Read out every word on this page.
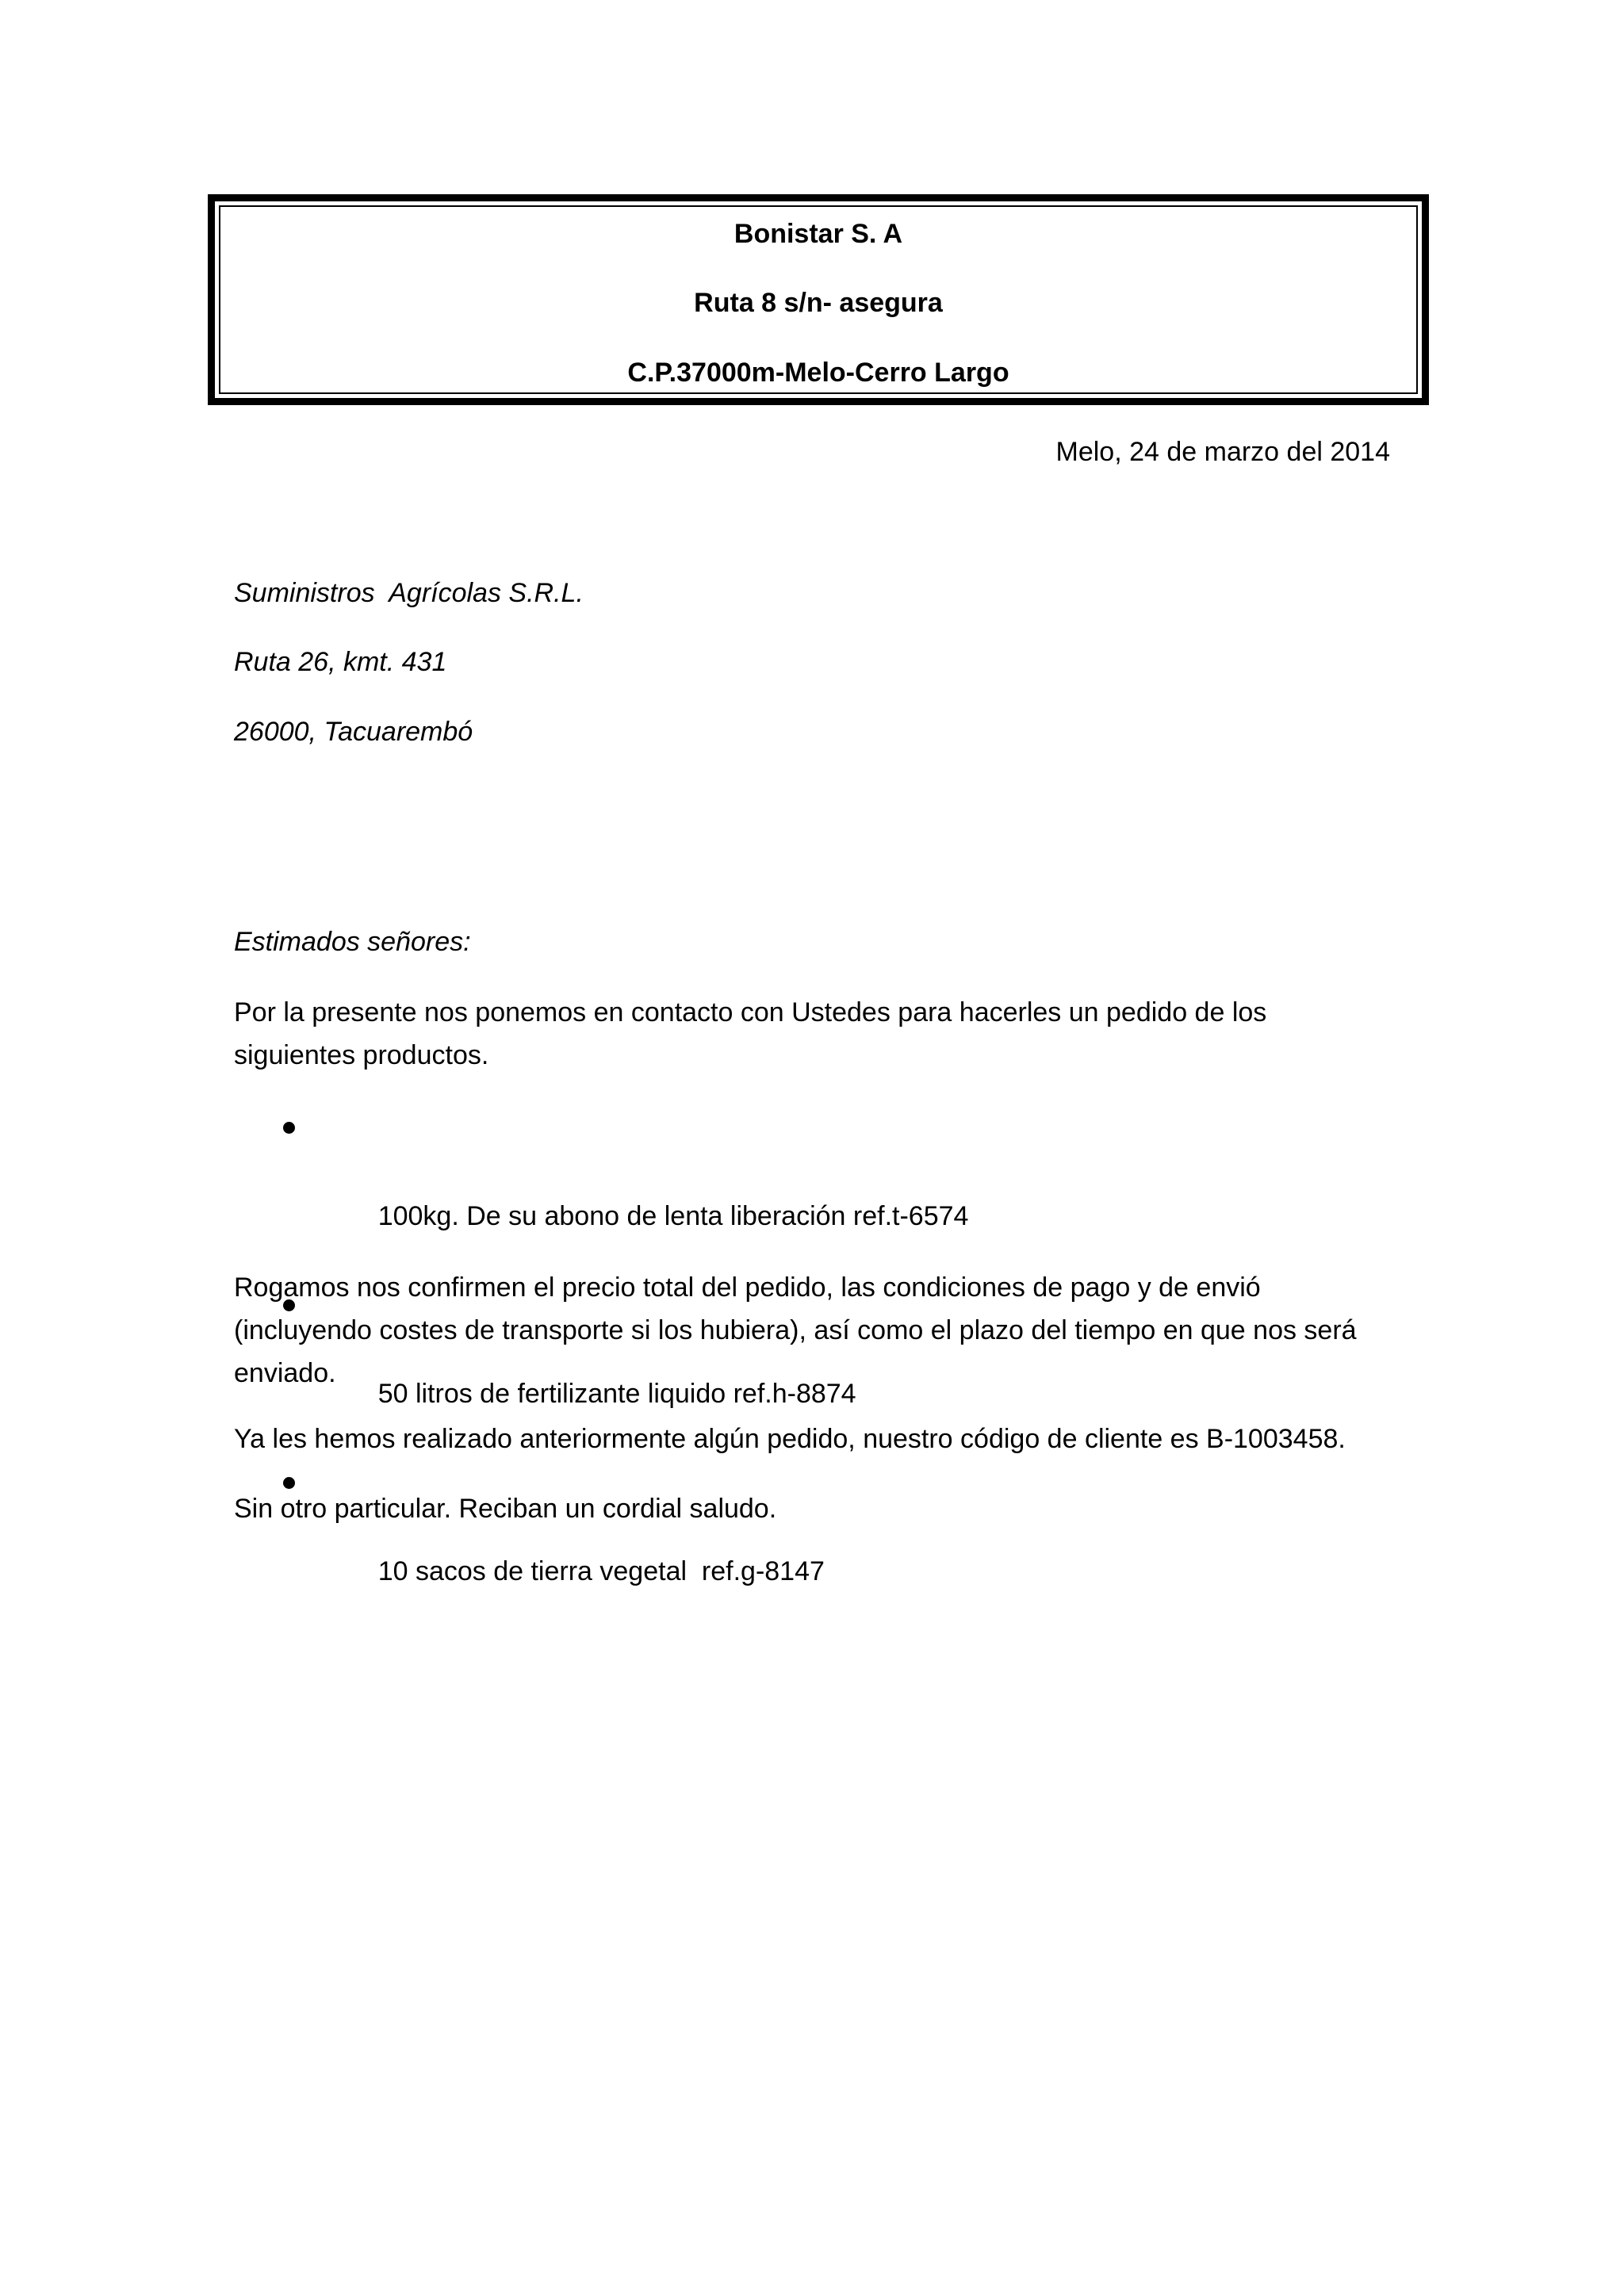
Bonistar S. A
Ruta 8 s/n- asegura
C.P.37000m-Melo-Cerro Largo
Melo, 24 de marzo del 2014
Suministros  Agrícolas S.R.L.
Ruta 26, kmt. 431
26000, Tacuarembó
Estimados señores:
Por la presente nos ponemos en contacto con Ustedes para hacerles un pedido de los siguientes productos.

100kg. De su abono de lenta liberación ref.t-6574

50 litros de fertilizante liquido ref.h-8874

10 sacos de tierra vegetal  ref.g-8147

Rogamos nos confirmen el precio total del pedido, las condiciones de pago y de envió (incluyendo costes de transporte si los hubiera), así como el plazo del tiempo en que nos será enviado.
Ya les hemos realizado anteriormente algún pedido, nuestro código de cliente es B-1003458.
Sin otro particular. Reciban un cordial saludo.
